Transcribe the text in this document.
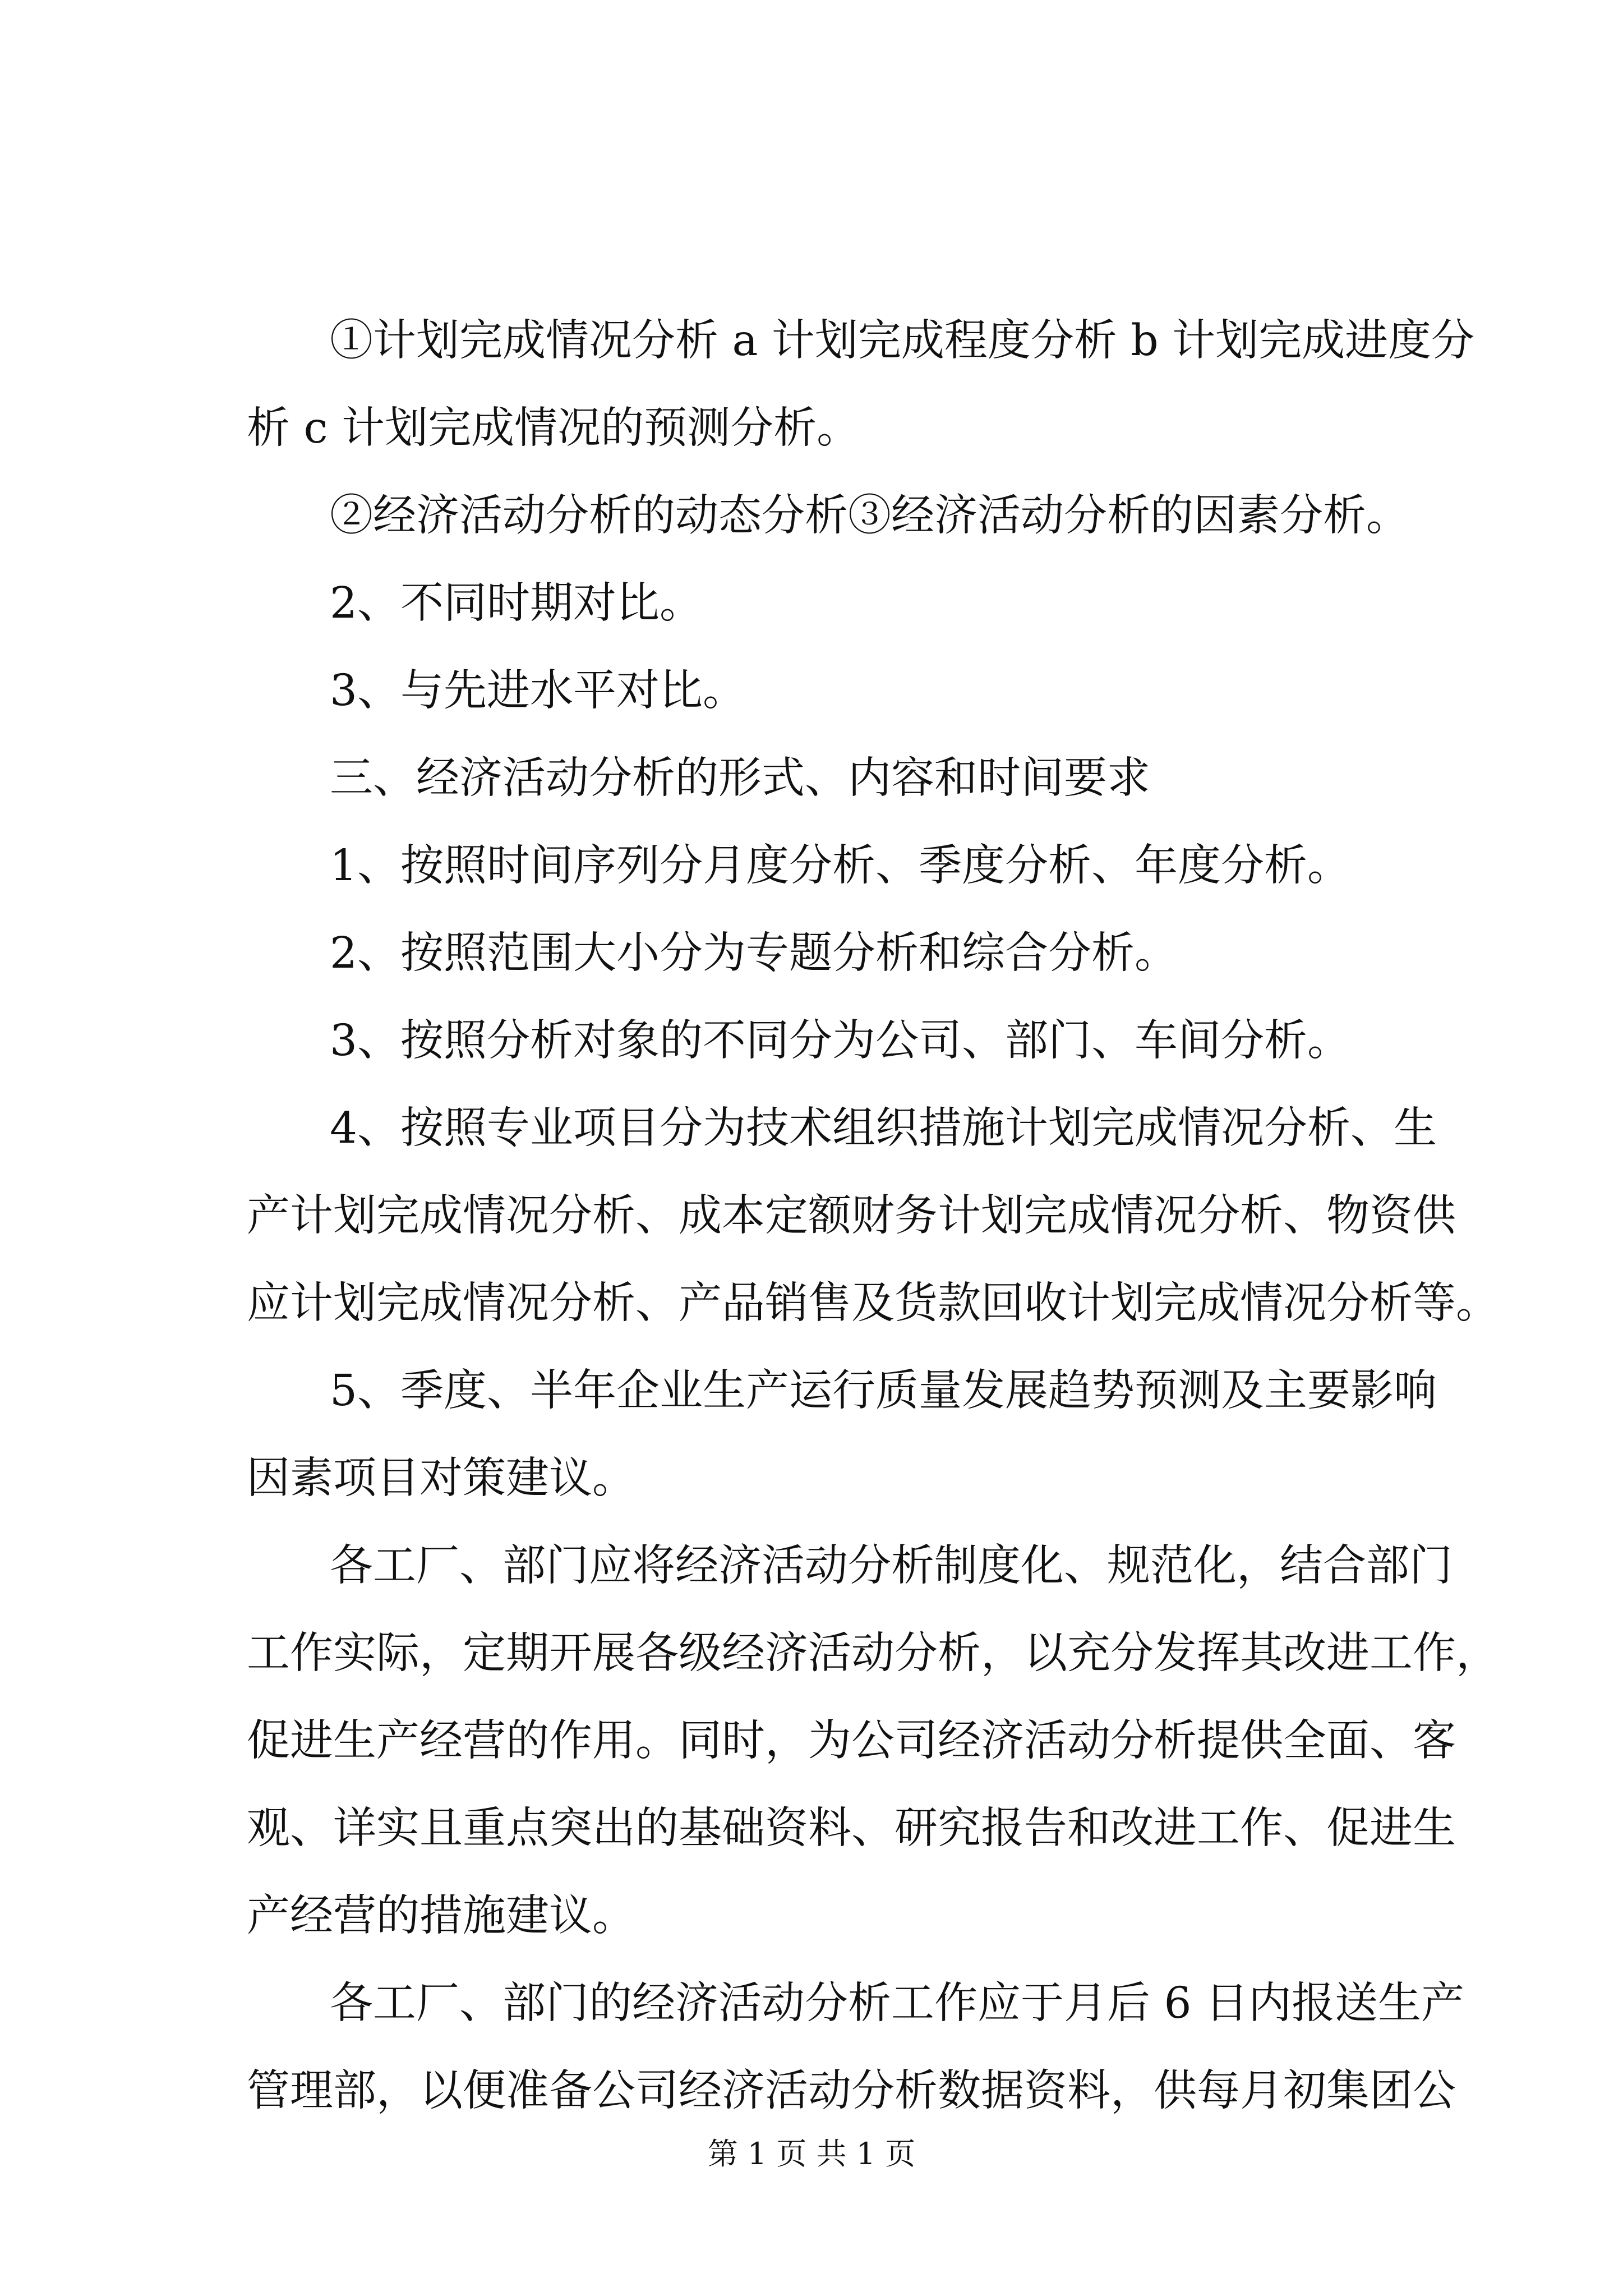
①计划完成情况分析 a 计划完成程度分析 b 计划完成进度分
析 c 计划完成情况的预测分析。
②经济活动分析的动态分析③经济活动分析的因素分析。
2、不同时期对比。
3、与先进水平对比。
三、经济活动分析的形式、内容和时间要求
1、按照时间序列分月度分析、季度分析、年度分析。
2、按照范围大小分为专题分析和综合分析。
3、按照分析对象的不同分为公司、部门、车间分析。
4、按照专业项目分为技术组织措施计划完成情况分析、生
产计划完成情况分析、成本定额财务计划完成情况分析、物资供
应计划完成情况分析、产品销售及货款回收计划完成情况分析等。
5、季度、半年企业生产运行质量发展趋势预测及主要影响
因素项目对策建议。
各工厂、部门应将经济活动分析制度化、规范化，结合部门
工作实际，定期开展各级经济活动分析，以充分发挥其改进工作，
促进生产经营的作用。同时，为公司经济活动分析提供全面、客
观、详实且重点突出的基础资料、研究报告和改进工作、促进生
产经营的措施建议。
各工厂、部门的经济活动分析工作应于月后 6 日内报送生产
管理部，以便准备公司经济活动分析数据资料，供每月初集团公
第 1 页 共 1 页
